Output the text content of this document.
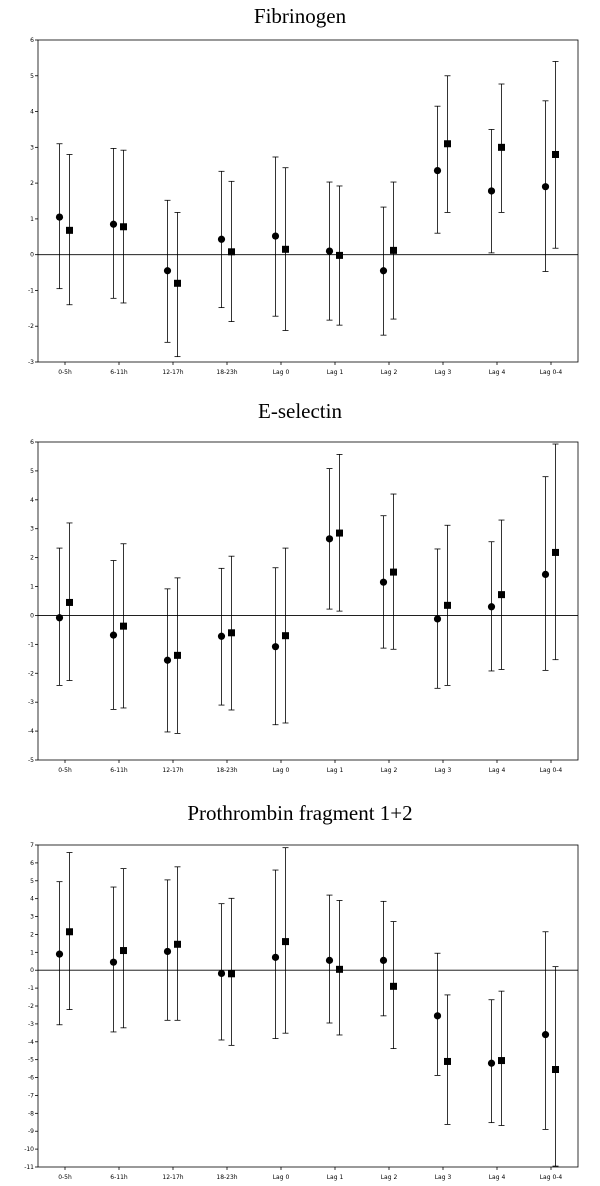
Fibrinogen
-3
-2
-1
0
1
2
3
4
5
6
0-5h	6-11h	12-17h	18-23h	Lag 0	Lag 1	Lag 2	Lag 3	Lag 4	Lag 0-4
E-selectin
-5
-4
-3
-2
-1
0
1
2
3
4
5
6
0-5h	6-11h	12-17h	18-23h	Lag 0	Lag 1	Lag 2	Lag 3	Lag 4	Lag 0-4
Prothrombin fragment 1+2
-11
-10
-9
-8
-7
-6
-5
-4
-3
-2
-1
0
1
2
3
4
5
6
7
0-5h	6-11h	12-17h	18-23h	Lag 0	Lag 1	Lag 2	Lag 3	Lag 4	Lag 0-4
